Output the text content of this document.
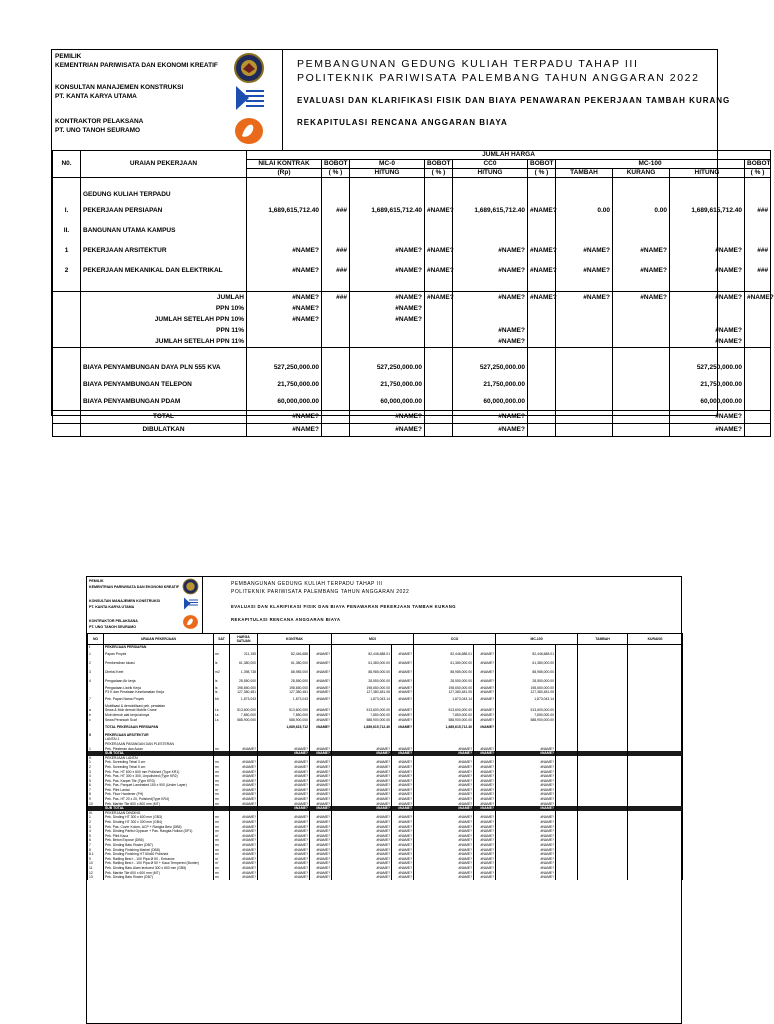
PEMILIK
KEMENTRIAN PARIWISATA DAN EKONOMI KREATIF
KONSULTAN MANAJEMEN KONSTRUKSI
PT. KANTA KARYA UTAMA
KONTRAKTOR PELAKSANA
PT. UNO TANOH SEURAMO
PEMBANGUNAN GEDUNG KULIAH TERPADU TAHAP III
POLITEKNIK PARIWISATA PALEMBANG TAHUN ANGGARAN 2022
EVALUASI DAN KLARIFIKASI FISIK DAN BIAYA PENAWARAN PEKERJAAN TAMBAH KURANG
REKAPITULASI RENCANA ANGGARAN BIAYA
N0.	URAIAN PEKERJAAN	JUMLAH HARGA									
		NILAI KONTRAK	BOBOT	MC-0	BOBOT	CC0	BOBOT	MC-100			BOBOT
		(Rp)	( % )	HITUNG	( % )	HITUNG	( % )	TAMBAH	KURANG	HITUNG	( % )

	GEDUNG KULIAH TERPADU										
I.	PEKERJAAN PERSIAPAN	1,689,615,712.40	###	1,689,615,712.40	#NAME?	1,689,615,712.40	#NAME?	0.00	0.00	1,689,615,712.40	###
II.	BANGUNAN UTAMA KAMPUS										
1	PEKERJAAN ARSITEKTUR	#NAME?	###	#NAME?	#NAME?	#NAME?	#NAME?	#NAME?	#NAME?	#NAME?	###
2	PEKERJAAN MEKANIKAL DAN ELEKTRIKAL	#NAME?	###	#NAME?	#NAME?	#NAME?	#NAME?	#NAME?	#NAME?	#NAME?	###

	JUMLAH	#NAME?	###	#NAME?	#NAME?	#NAME?	#NAME?	#NAME?	#NAME?	#NAME?	#NAME?
	PPN 10%	#NAME?		#NAME?							
	JUMLAH SETELAH PPN 10%	#NAME?		#NAME?							
	PPN 11%					#NAME?				#NAME?	
	JUMLAH SETELAH PPN 11%					#NAME?				#NAME?	

	BIAYA PENYAMBUNGAN DAYA PLN 555 KVA	527,250,000.00		527,250,000.00		527,250,000.00				527,250,000.00	
	BIAYA PENYAMBUNGAN TELEPON	21,750,000.00		21,750,000.00		21,750,000.00				21,750,000.00	
	BIAYA PENYAMBUNGAN PDAM	60,000,000.00		60,000,000.00		60,000,000.00				60,000,000.00	
	TOTAL	#NAME?		#NAME?		#NAME?				#NAME?	
	DIBULATKAN	#NAME?		#NAME?		#NAME?				#NAME?	
PEMILIK
KEMENTRIAN PARIWISATA DAN EKONOMI KREATIF
KONSULTAN MANAJEMEN KONSTRUKSI
PT. KANTA KARYA UTAMA
KONTRAKTOR PELAKSANA
PT. UNO TANOH SEURAMO
PEMBANGUNAN GEDUNG KULIAH TERPADU TAHAP III
POLITEKNIK PARIWISATA PALEMBANG TAHUN ANGGARAN 2022
EVALUASI DAN KLARIFIKASI FISIK DAN BIAYA PENAWARAN PEKERJAAN TAMBAH KURANG
REKAPITULASI RENCANA ANGGARAN BIAYA
NO	URAIAN PEKERJAAN	SAT	HARGA SATUAN	KONTRAK		MC0		CCO		MC-100		TAMBAH	KURANG
I	PEKERJAAN PERSIAPAN												
1	Papan Proyek	m²	211,155	82,446,688	#NAME?	82,446,688.01	#NAME?	82,446,688.01	#NAME?	82,446,688.01			
2	Pembersihan lokasi	ls	61,380,000	61,380,000	#NAME?	61,380,000.00	#NAME?	61,380,000.00	#NAME?	61,380,000.00			
3	Direksi Keet	m2	1,398,738	88,985,000	#NAME?	88,985,000.00	#NAME?	88,985,000.00	#NAME?	88,985,000.00			
4	Pengadaan Air kerja	ls	28,550,000	28,550,000	#NAME?	28,550,000.00	#NAME?	28,550,000.00	#NAME?	28,550,000.00			
	Pengadaan Listrik Kerja	ls	198,650,000	198,650,000	#NAME?	198,650,000.00	#NAME?	198,650,000.00	#NAME?	198,650,000.00			
	P3 K dan Peralatan Keselamatan Kerja	ls	127,380,481	127,380,481	#NAME?	127,380,481.05	#NAME?	127,380,481.05	#NAME?	127,380,481.05			
7	Pek. Papan Nama Proyek	bh	1,873,043	1,873,043	#NAME?	1,873,043.14	#NAME?	1,873,043.14	#NAME?	1,873,043.14			
	Mobilisasi & demobilisasi pek. peralatan												
a	Sewa & Mob demob Mobile Crane	Ls	513,600,000	513,600,000	#NAME?	513,600,000.00	#NAME?	513,600,000.00	#NAME?	513,600,000.00			
b	Mob demob alat kerja lainnya	Ls	7,850,000	7,850,000	#NAME?	7,850,000.00	#NAME?	7,850,000.00	#NAME?	7,850,000.00			
c	Sewa Perancah Scaf	Ls	588,900,000	588,900,000	#NAME?	588,900,000.00	#NAME?	588,900,000.00	#NAME?	588,900,000.00			

	TOTAL PEKERJAAN PERSIAPAN			1,689,615,712	#NAME?	1,689,615,712.40	#NAME?	1,689,615,712.40	#NAME?				

II	PEKERJAAN ARSITEKTUR												
	LANTAI 1												
	PEKERJAAN PASANGAN DAN PLESTERAN												
1	Pek. Plesteran dan Acian	m²	#NAME?	#NAME?	#NAME?	#NAME?	#NAME?	#NAME?	#NAME?	#NAME?			
	SUB TOTAL			#NAME?	#NAME?	#NAME?	#NAME?	#NAME?	#NAME?	#NAME?			
II.	PEKERJAAN LANTAI												
1	Pek. Screeding Tebal 3 cm	m²	#NAME?	#NAME?	#NAME?	#NAME?	#NAME?	#NAME?	#NAME?	#NAME?			
2	Pek. Screeding Tebal 5 cm	m²	#NAME?	#NAME?	#NAME?	#NAME?	#NAME?	#NAME?	#NAME?	#NAME?			
3	Pek. Pas. HT 600 x 600 mm Polished (Type KR1)	m²	#NAME?	#NAME?	#NAME?	#NAME?	#NAME?	#NAME?	#NAME?	#NAME?			
4	Pek. Pas. HT 300 x 300, Unpolished (Type KR2)	m²	#NAME?	#NAME?	#NAME?	#NAME?	#NAME?	#NAME?	#NAME?	#NAME?			
5	Pek. Pas. Karpet Tile (Type KR3)	m²	#NAME?	#NAME?	#NAME?	#NAME?	#NAME?	#NAME?	#NAME?	#NAME?			
6	Pek. Pas. Parquet Laminated 150 x 900 (Under Layer)	m²	#NAME?	#NAME?	#NAME?	#NAME?	#NAME?	#NAME?	#NAME?	#NAME?			
7	Pek. Plint Lantai	m'	#NAME?	#NAME?	#NAME?	#NAME?	#NAME?	#NAME?	#NAME?	#NAME?			
8	Pek. Floor Hardener (FH)	m²	#NAME?	#NAME?	#NAME?	#NAME?	#NAME?	#NAME?	#NAME?	#NAME?			
9	Pek. Pas. HT 20 x 20, Polished(Type KR4)	m²	#NAME?	#NAME?	#NAME?	#NAME?	#NAME?	#NAME?	#NAME?	#NAME?			
10	Pek. Marble Tile 800 x 800 mm (MT)	m²	#NAME?	#NAME?	#NAME?	#NAME?	#NAME?	#NAME?	#NAME?	#NAME?			
	SUB TOTAL			#NAME?	#NAME?	#NAME?	#NAME?	#NAME?	#NAME?	#NAME?			
III.	PEKERJAAN DINDING												
1	Pek. Dinding HT 300 x 600 mm (GB3)	m²	#NAME?	#NAME?	#NAME?	#NAME?	#NAME?	#NAME?	#NAME?	#NAME?			
2	Pek. Dinding HT 300 x 300 mm (GB4)	m²	#NAME?	#NAME?	#NAME?	#NAME?	#NAME?	#NAME?	#NAME?	#NAME?			
3	Pek. Pas. Cover Kolom, ACP + Rangka Besi (DB5)	m²	#NAME?	#NAME?	#NAME?	#NAME?	#NAME?	#NAME?	#NAME?	#NAME?			
4	Pek. Dinding Partisi Gypsum + Pas. Rangka Hollow (DP1)	m²	#NAME?	#NAME?	#NAME?	#NAME?	#NAME?	#NAME?	#NAME?	#NAME?			
5	Pek. Plint Kaca	m'	#NAME?	#NAME?	#NAME?	#NAME?	#NAME?	#NAME?	#NAME?	#NAME?			
6	Pek. Beton Expose (DB6)	m²	#NAME?	#NAME?	#NAME?	#NAME?	#NAME?	#NAME?	#NAME?	#NAME?			
7	Pek. Dinding Batu Roster (DB7)	m²	#NAME?	#NAME?	#NAME?	#NAME?	#NAME?	#NAME?	#NAME?	#NAME?			
8	Pek. Dinding Finishing Marbel (DB8)	m²	#NAME?	#NAME?	#NAME?	#NAME?	#NAME?	#NAME?	#NAME?	#NAME?			
8.1	Pek. Dinding Finishing HT 60x60 Polished	m²	#NAME?	#NAME?	#NAME?	#NAME?	#NAME?	#NAME?	#NAME?	#NAME?			
9	Pek. Railling Besi t - 100 Pipa Ø 50 - Entrance	m'	#NAME?	#NAME?	#NAME?	#NAME?	#NAME?	#NAME?	#NAME?	#NAME?			
10	Pek. Railling Besi t - 100 Pipa Ø 50 + Kaca Tempered (Border)	m'	#NAME?	#NAME?	#NAME?	#NAME?	#NAME?	#NAME?	#NAME?	#NAME?			
11	Pek. Dinding Batu Alam textured 300 x 600 mm (GB5)	m²	#NAME?	#NAME?	#NAME?	#NAME?	#NAME?	#NAME?	#NAME?	#NAME?			
12	Pek. Marble Tile 600 x 600 mm (MT)	m²	#NAME?	#NAME?	#NAME?	#NAME?	#NAME?	#NAME?	#NAME?	#NAME?			
13	Pek. Dinding Batu Roster (DB7)	m²	#NAME?	#NAME?	#NAME?	#NAME?	#NAME?	#NAME?	#NAME?	#NAME?			
